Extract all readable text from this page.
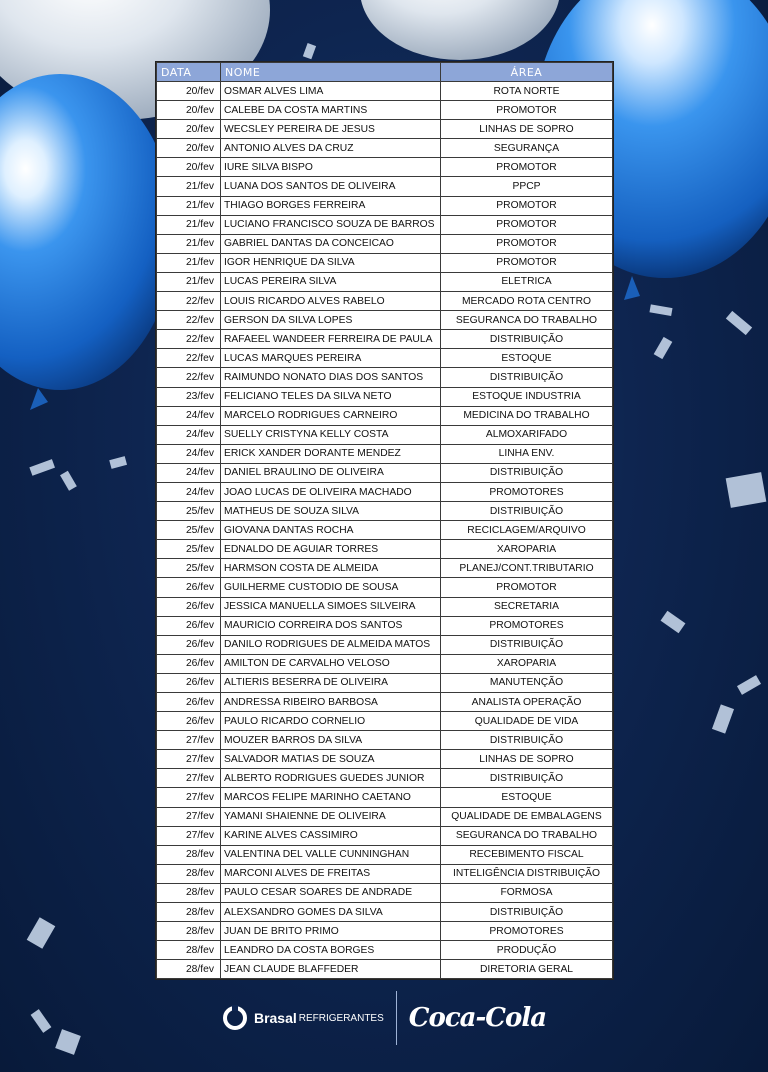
DATA	NOME	ÁREA
20/fev	OSMAR ALVES LIMA	ROTA NORTE
20/fev	CALEBE DA COSTA MARTINS	PROMOTOR
20/fev	WECSLEY PEREIRA DE JESUS	LINHAS DE SOPRO
20/fev	ANTONIO ALVES DA CRUZ	SEGURANÇA
20/fev	IURE SILVA BISPO	PROMOTOR
21/fev	LUANA DOS SANTOS DE OLIVEIRA	PPCP
21/fev	THIAGO BORGES FERREIRA	PROMOTOR
21/fev	LUCIANO FRANCISCO SOUZA DE BARROS	PROMOTOR
21/fev	GABRIEL DANTAS DA CONCEICAO	PROMOTOR
21/fev	IGOR HENRIQUE DA SILVA	PROMOTOR
21/fev	LUCAS PEREIRA SILVA	ELETRICA
22/fev	LOUIS RICARDO ALVES RABELO	MERCADO ROTA CENTRO
22/fev	GERSON DA SILVA LOPES	SEGURANCA DO TRABALHO
22/fev	RAFAEEL WANDEER FERREIRA DE PAULA	DISTRIBUIÇÃO
22/fev	LUCAS MARQUES PEREIRA	ESTOQUE
22/fev	RAIMUNDO NONATO DIAS DOS SANTOS	DISTRIBUIÇÃO
23/fev	FELICIANO TELES DA SILVA NETO	ESTOQUE INDUSTRIA
24/fev	MARCELO RODRIGUES CARNEIRO	MEDICINA DO TRABALHO
24/fev	SUELLY CRISTYNA KELLY COSTA	ALMOXARIFADO
24/fev	ERICK XANDER DORANTE MENDEZ	LINHA ENV.
24/fev	DANIEL BRAULINO DE OLIVEIRA	DISTRIBUIÇÃO
24/fev	JOAO LUCAS DE OLIVEIRA MACHADO	PROMOTORES
25/fev	MATHEUS DE SOUZA SILVA	DISTRIBUIÇÃO
25/fev	GIOVANA DANTAS ROCHA	RECICLAGEM/ARQUIVO
25/fev	EDNALDO DE AGUIAR TORRES	XAROPARIA
25/fev	HARMSON COSTA DE ALMEIDA	PLANEJ/CONT.TRIBUTARIO
26/fev	GUILHERME CUSTODIO DE SOUSA	PROMOTOR
26/fev	JESSICA MANUELLA SIMOES SILVEIRA	SECRETARIA
26/fev	MAURICIO CORREIRA DOS SANTOS	PROMOTORES
26/fev	DANILO RODRIGUES DE ALMEIDA MATOS	DISTRIBUIÇÃO
26/fev	AMILTON DE CARVALHO VELOSO	XAROPARIA
26/fev	ALTIERIS BESERRA DE OLIVEIRA	MANUTENÇÃO
26/fev	ANDRESSA RIBEIRO BARBOSA	ANALISTA OPERAÇÃO
26/fev	PAULO RICARDO CORNELIO	QUALIDADE DE VIDA
27/fev	MOUZER BARROS DA SILVA	DISTRIBUIÇÃO
27/fev	SALVADOR MATIAS DE SOUZA	LINHAS DE SOPRO
27/fev	ALBERTO RODRIGUES GUEDES JUNIOR	DISTRIBUIÇÃO
27/fev	MARCOS FELIPE MARINHO CAETANO	ESTOQUE
27/fev	YAMANI SHAIENNE DE OLIVEIRA	QUALIDADE DE EMBALAGENS
27/fev	KARINE ALVES CASSIMIRO	SEGURANCA DO TRABALHO
28/fev	VALENTINA DEL VALLE CUNNINGHAN	RECEBIMENTO FISCAL
28/fev	MARCONI ALVES DE FREITAS	INTELIGÊNCIA DISTRIBUIÇÃO
28/fev	PAULO CESAR SOARES DE ANDRADE	FORMOSA
28/fev	ALEXSANDRO GOMES DA SILVA	DISTRIBUIÇÃO
28/fev	JUAN DE BRITO PRIMO	PROMOTORES
28/fev	LEANDRO DA COSTA BORGES	PRODUÇÃO
28/fev	JEAN CLAUDE BLAFFEDER	DIRETORIA GERAL
Brasal REFRIGERANTES Coca-Cola
